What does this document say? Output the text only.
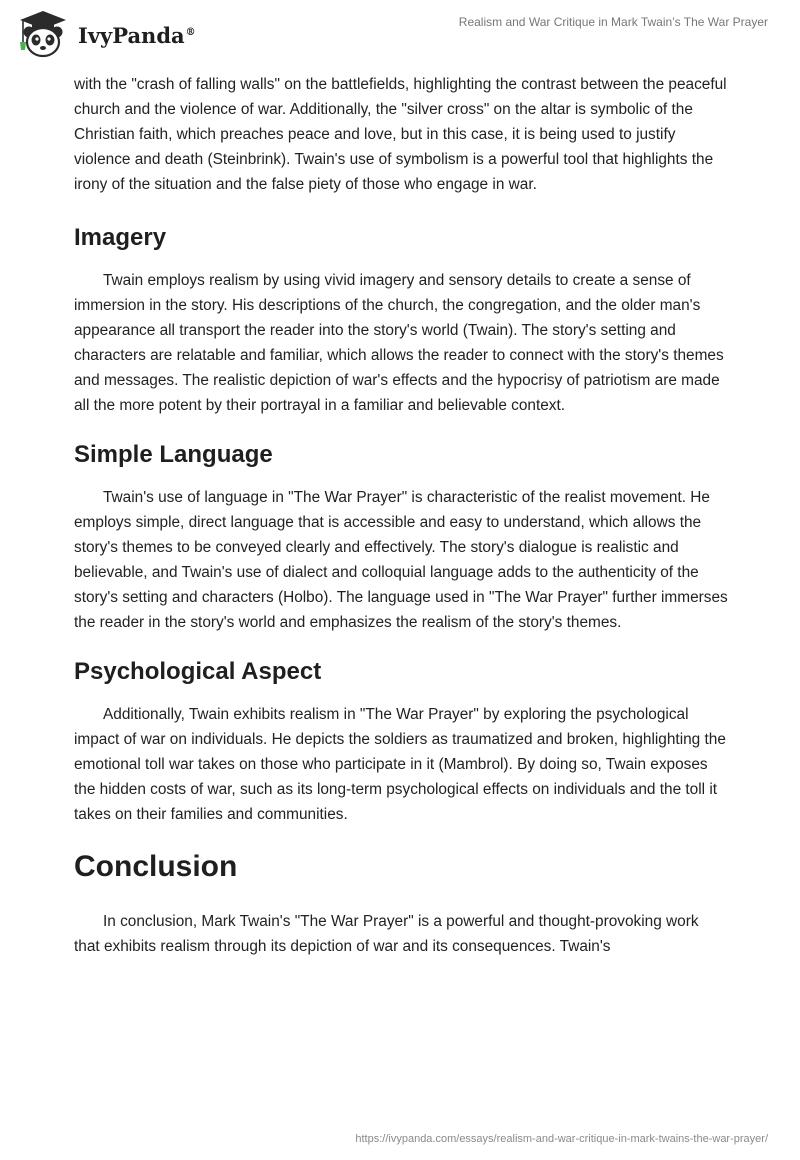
IvyPanda®
Realism and War Critique in Mark Twain’s The War Prayer

with the "crash of falling walls" on the battlefields, highlighting the contrast between the peaceful church and the violence of war. Additionally, the "silver cross" on the altar is symbolic of the Christian faith, which preaches peace and love, but in this case, it is being used to justify violence and death (Steinbrink). Twain's use of symbolism is a powerful tool that highlights the irony of the situation and the false piety of those who engage in war.

Imagery

Twain employs realism by using vivid imagery and sensory details to create a sense of immersion in the story. His descriptions of the church, the congregation, and the older man's appearance all transport the reader into the story's world (Twain). The story's setting and characters are relatable and familiar, which allows the reader to connect with the story's themes and messages. The realistic depiction of war's effects and the hypocrisy of patriotism are made all the more potent by their portrayal in a familiar and believable context.

Simple Language

Twain's use of language in "The War Prayer" is characteristic of the realist movement. He employs simple, direct language that is accessible and easy to understand, which allows the story's themes to be conveyed clearly and effectively. The story's dialogue is realistic and believable, and Twain's use of dialect and colloquial language adds to the authenticity of the story's setting and characters (Holbo). The language used in "The War Prayer" further immerses the reader in the story's world and emphasizes the realism of the story's themes.

Psychological Aspect

Additionally, Twain exhibits realism in "The War Prayer" by exploring the psychological impact of war on individuals. He depicts the soldiers as traumatized and broken, highlighting the emotional toll war takes on those who participate in it (Mambrol). By doing so, Twain exposes the hidden costs of war, such as its long-term psychological effects on individuals and the toll it takes on their families and communities.

Conclusion

In conclusion, Mark Twain's "The War Prayer" is a powerful and thought-provoking work that exhibits realism through its depiction of war and its consequences. Twain's

https://ivypanda.com/essays/realism-and-war-critique-in-mark-twains-the-war-prayer/
